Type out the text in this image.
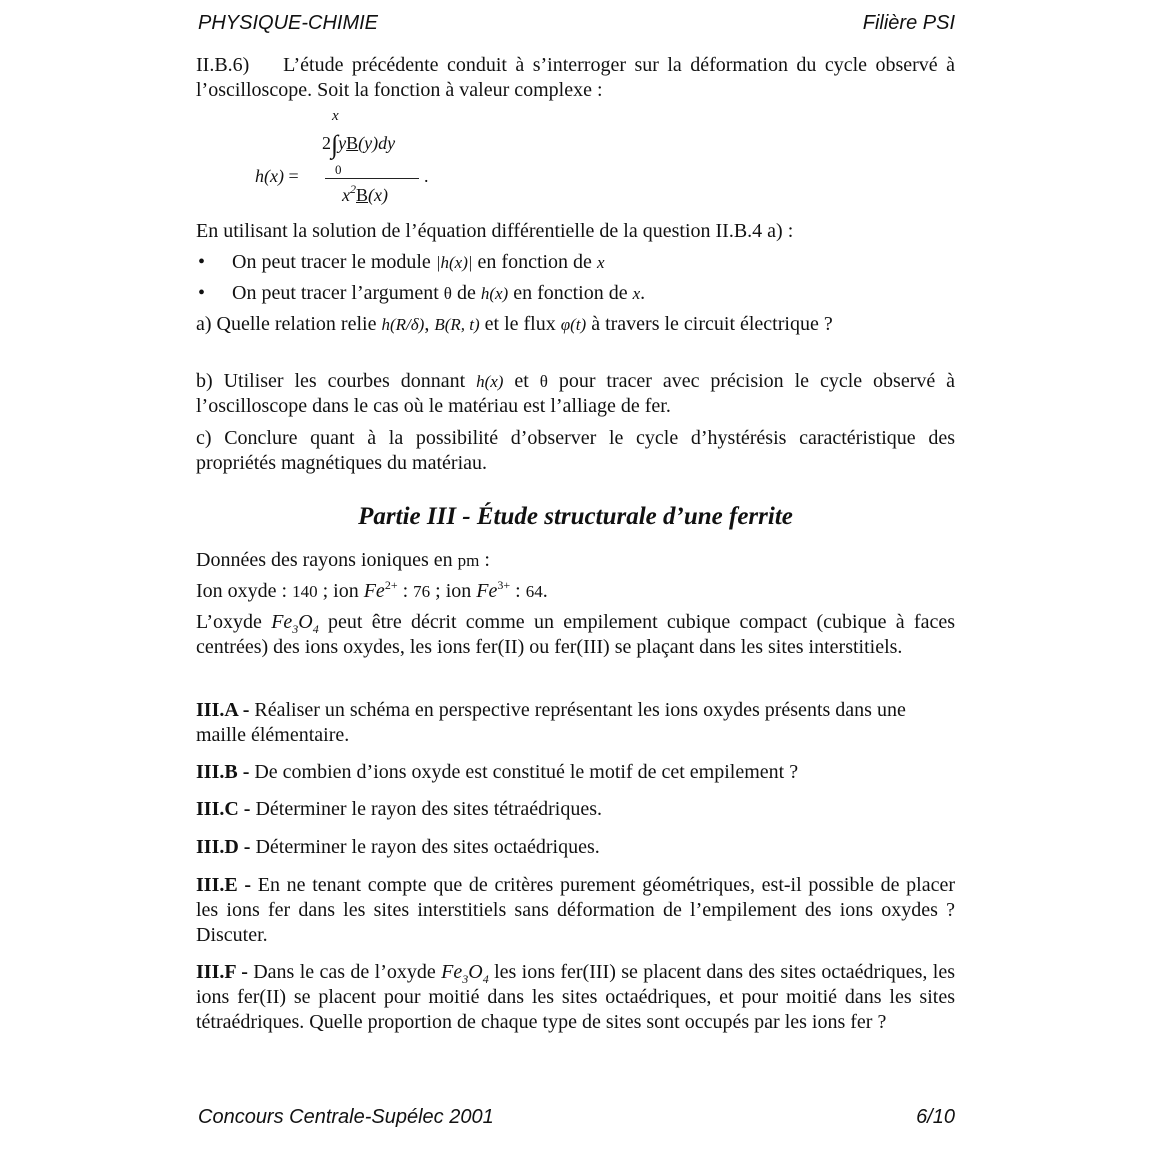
PHYSIQUE-CHIMIE	Filière PSI

II.B.6) L’étude précédente conduit à s’interroger sur la déformation du cycle observé à l’oscilloscope. Soit la fonction à valeur complexe :

x
2∫yB(y)dy
0
h(x) =	.
$x^2B(x)$

En utilisant la solution de l’équation différentielle de la question II.B.4 a) :

• On peut tracer le module |h(x)| en fonction de x

• On peut tracer l’argument θ de h(x) en fonction de x.

a) Quelle relation relie h(R/δ), B(R, t) et le flux φ(t) à travers le circuit électrique ?

b) Utiliser les courbes donnant h(x) et θ pour tracer avec précision le cycle observé à l’oscilloscope dans le cas où le matériau est l’alliage de fer.

c) Conclure quant à la possibilité d’observer le cycle d’hystérésis caractéristique des propriétés magnétiques du matériau.

Partie III - Étude structurale d’une ferrite

Données des rayons ioniques en pm :

Ion oxyde : 140 ; ion $Fe^{2+}$ : 76 ; ion $Fe^{3+}$ : 64.

L’oxyde $Fe_3O_4$ peut être décrit comme un empilement cubique compact (cubique à faces centrées) des ions oxydes, les ions fer(II) ou fer(III) se plaçant dans les sites interstitiels.

III.A - Réaliser un schéma en perspective représentant les ions oxydes présents dans une maille élémentaire.

III.B - De combien d’ions oxyde est constitué le motif de cet empilement ?

III.C - Déterminer le rayon des sites tétraédriques.

III.D - Déterminer le rayon des sites octaédriques.

III.E - En ne tenant compte que de critères purement géométriques, est-il possible de placer les ions fer dans les sites interstitiels sans déformation de l’empilement des ions oxydes ? Discuter.

III.F - Dans le cas de l’oxyde $Fe_3O_4$ les ions fer(III) se placent dans des sites octaédriques, les ions fer(II) se placent pour moitié dans les sites octaédriques, et pour moitié dans les sites tétraédriques. Quelle proportion de chaque type de sites sont occupés par les ions fer ?

Concours Centrale-Supélec 2001	6/10
